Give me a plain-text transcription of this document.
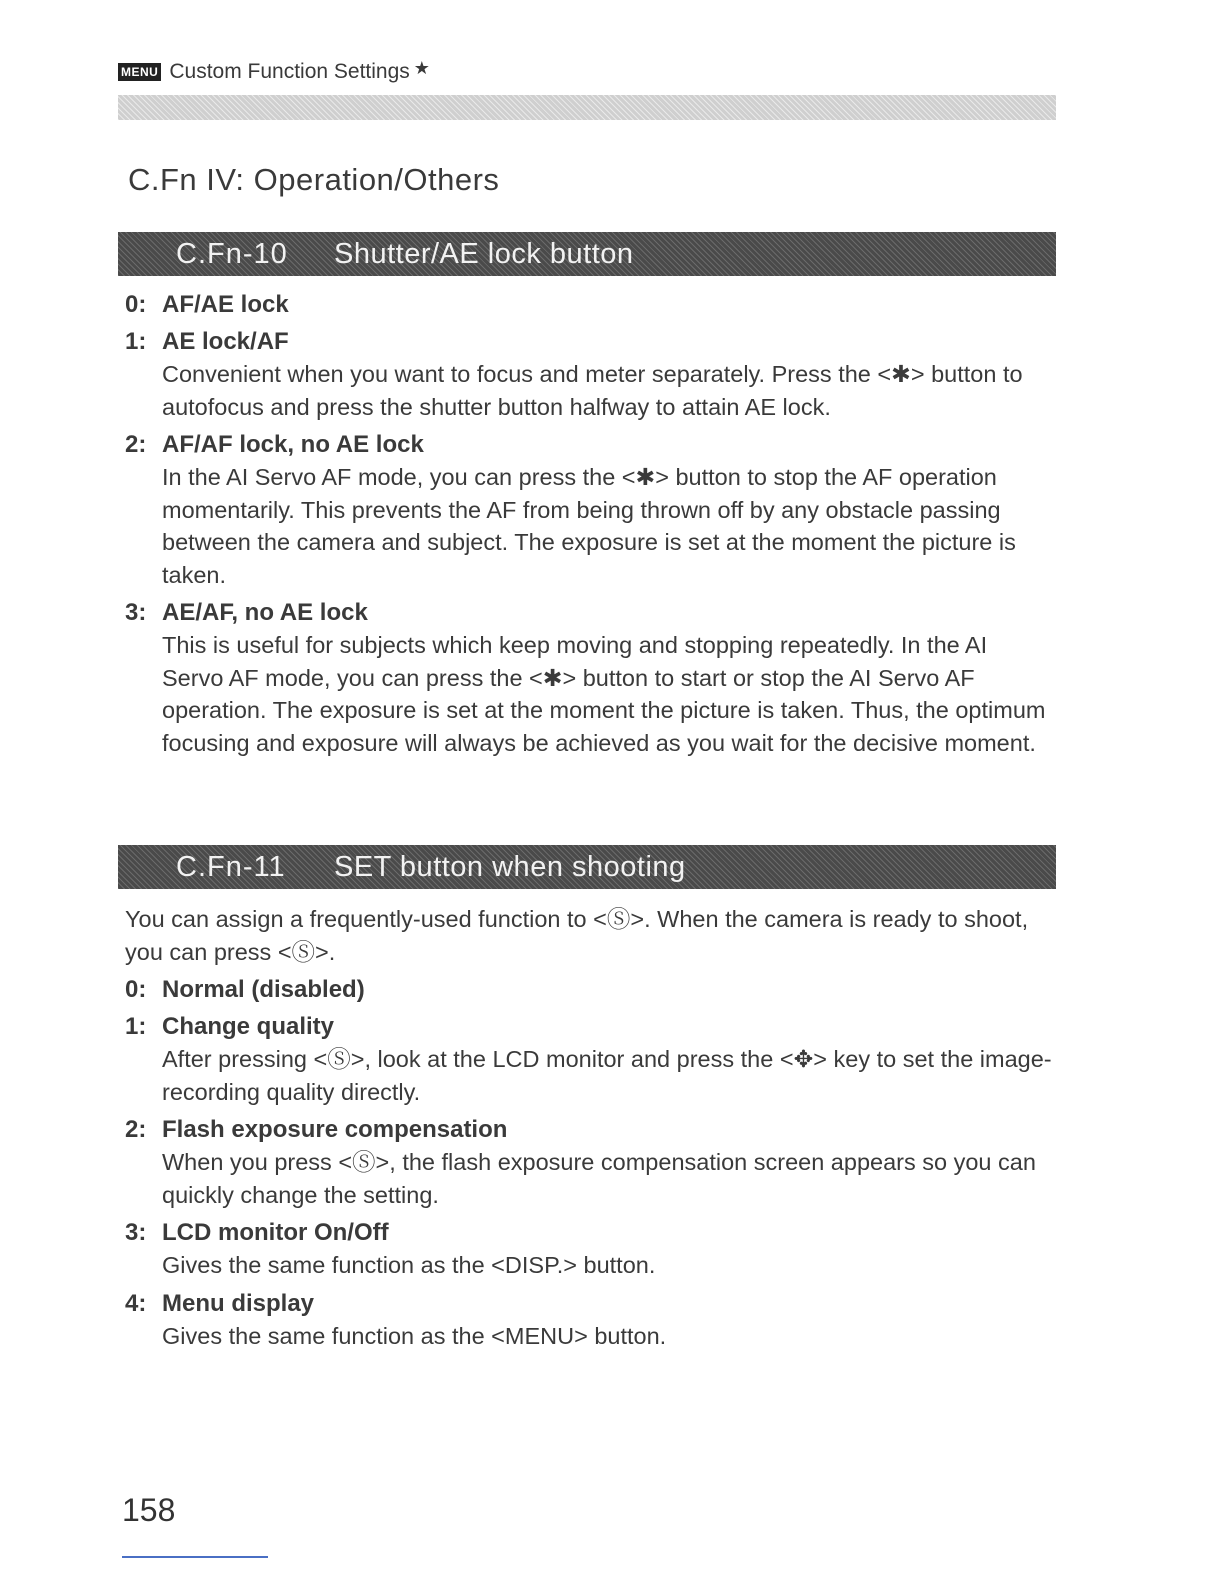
MENU Custom Function Settings ★
C.Fn IV: Operation/Others
C.Fn-10	Shutter/AE lock button
0: AF/AE lock
1: AE lock/AF
Convenient when you want to focus and meter separately. Press the <✱> button to autofocus and press the shutter button halfway to attain AE lock.
2: AF/AF lock, no AE lock
In the AI Servo AF mode, you can press the <✱> button to stop the AF operation momentarily. This prevents the AF from being thrown off by any obstacle passing between the camera and subject. The exposure is set at the moment the picture is taken.
3: AE/AF, no AE lock
This is useful for subjects which keep moving and stopping repeatedly. In the AI Servo AF mode, you can press the <✱> button to start or stop the AI Servo AF operation. The exposure is set at the moment the picture is taken. Thus, the optimum focusing and exposure will always be achieved as you wait for the decisive moment.
C.Fn-11	SET button when shooting
You can assign a frequently-used function to <Ⓢ>. When the camera is ready to shoot, you can press <Ⓢ>.
0: Normal (disabled)
1: Change quality
After pressing <Ⓢ>, look at the LCD monitor and press the <✥> key to set the image-recording quality directly.
2: Flash exposure compensation
When you press <Ⓢ>, the flash exposure compensation screen appears so you can quickly change the setting.
3: LCD monitor On/Off
Gives the same function as the <DISP.> button.
4: Menu display
Gives the same function as the <MENU> button.
158
